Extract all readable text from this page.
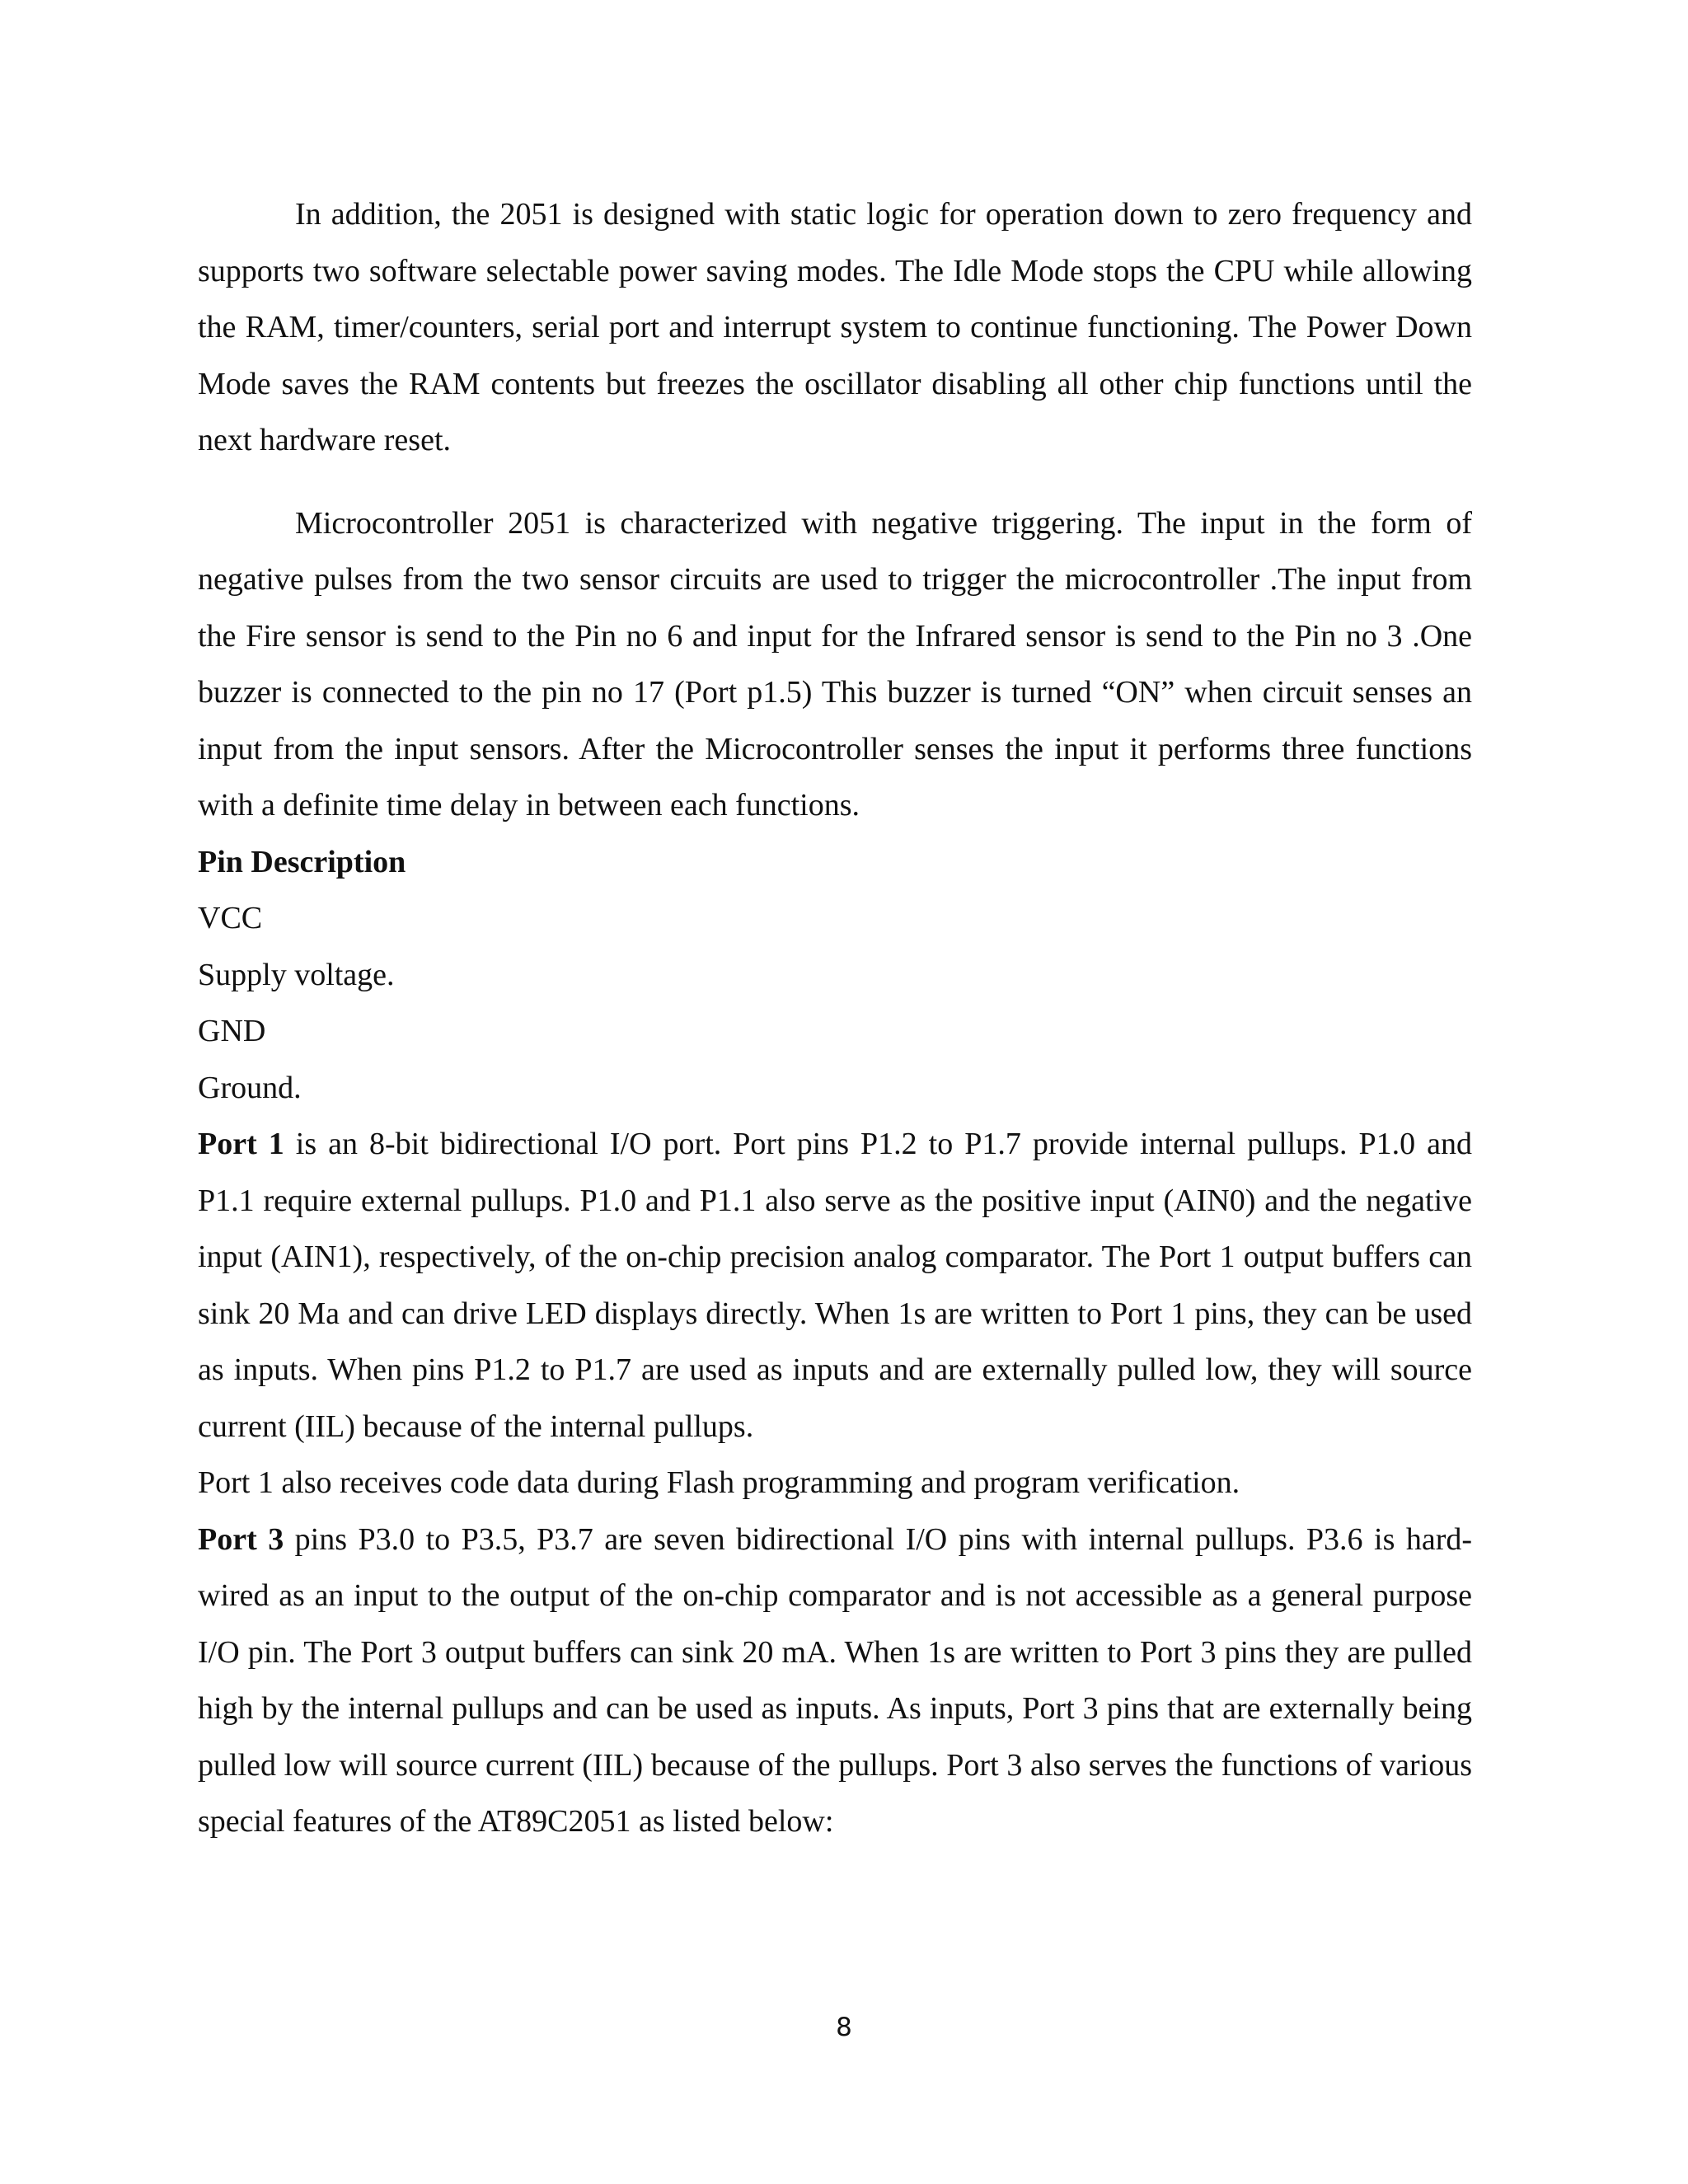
In addition, the 2051 is designed with static logic for operation down to zero frequency and supports two software selectable power saving modes. The Idle Mode stops the CPU while allowing the RAM, timer/counters, serial port and interrupt system to continue functioning. The Power Down Mode saves the RAM contents but freezes the oscillator disabling all other chip functions until the next hardware reset.

Microcontroller 2051 is characterized with negative triggering. The input in the form of negative pulses from the two sensor circuits are used to trigger the microcontroller .The input from the Fire sensor is send to the Pin no 6 and input for the Infrared sensor is send to the Pin no 3 .One buzzer is connected to the pin no 17 (Port p1.5) This buzzer is turned “ON” when circuit senses an input from the input sensors. After the Microcontroller senses the input it performs three functions with a definite time delay in between each functions.

Pin Description

VCC

Supply voltage.

GND

Ground.

Port 1 is an 8-bit bidirectional I/O port. Port pins P1.2 to P1.7 provide internal pullups. P1.0 and P1.1 require external pullups. P1.0 and P1.1 also serve as the positive input (AIN0) and the negative input (AIN1), respectively, of the on-chip precision analog comparator. The Port 1 output buffers can sink 20 Ma and can drive LED displays directly. When 1s are written to Port 1 pins, they can be used as inputs. When pins P1.2 to P1.7 are used as inputs and are externally pulled low, they will source current (IIL) because of the internal pullups.

Port 1 also receives code data during Flash programming and program verification.

Port 3 pins P3.0 to P3.5, P3.7 are seven bidirectional I/O pins with internal pullups. P3.6 is hard-wired as an input to the output of the on-chip comparator and is not accessible as a general purpose I/O pin. The Port 3 output buffers can sink 20 mA. When 1s are written to Port 3 pins they are pulled high by the internal pullups and can be used as inputs. As inputs, Port 3 pins that are externally being pulled low will source current (IIL) because of the pullups. Port 3 also serves the functions of various special features of the AT89C2051 as listed below:

8
